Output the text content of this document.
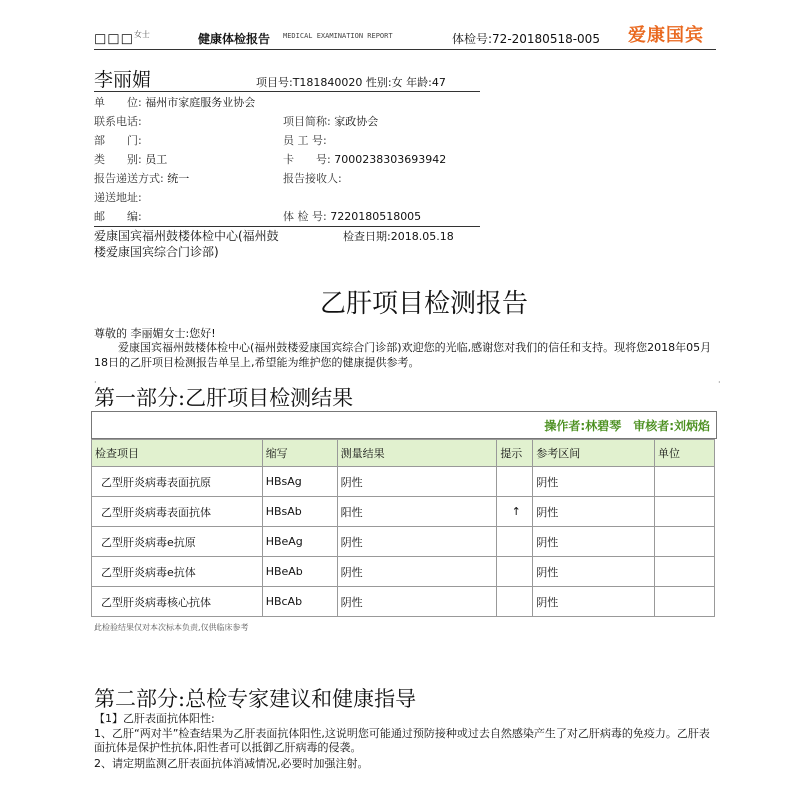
□□□$^{女士}$	健康体检报告 MEDICAL EXAMINATION REPORT	体检号:72-20180518-005 爱康国宾
李丽媚	项目号:T181840020 性别:女 年龄:47
单　　位: 福州市家庭服务业协会
联系电话:	项目简称: 家政协会
部　　门:	员 工 号:
类　　别: 员工	卡　　号: 7000238303693942
报告递送方式: 统一	报告接收人:
递送地址:
邮　　编:	体 检 号: 7220180518005
爱康国宾福州鼓楼体检中心(福州鼓楼爱康国宾综合门诊部)
检查日期:2018.05.18
乙肝项目检测报告
尊敬的 李丽媚女士:您好!
爱康国宾福州鼓楼体检中心(福州鼓楼爱康国宾综合门诊部)欢迎您的光临,感谢您对我们的信任和支持。现将您2018年05月18日的乙肝项目检测报告单呈上,希望能为维护您的健康提供参考。
·	·
第一部分:乙肝项目检测结果
操作者:林碧琴　审核者:刘炳焰
检查项目	缩写	测量结果	提示	参考区间	单位
乙型肝炎病毒表面抗原	HBsAg	阴性		阴性	
乙型肝炎病毒表面抗体	HBsAb	阳性	↑	阴性	
乙型肝炎病毒e抗原	HBeAg	阴性		阴性	
乙型肝炎病毒e抗体	HBeAb	阴性		阴性	
乙型肝炎病毒核心抗体	HBcAb	阴性		阴性	
此检验结果仅对本次标本负责,仅供临床参考
第二部分:总检专家建议和健康指导
【1】乙肝表面抗体阳性:
1、乙肝“两对半”检查结果为乙肝表面抗体阳性,这说明您可能通过预防接种或过去自然感染产生了对乙肝病毒的免疫力。乙肝表面抗体是保护性抗体,阳性者可以抵御乙肝病毒的侵袭。
2、请定期监测乙肝表面抗体消减情况,必要时加强注射。
